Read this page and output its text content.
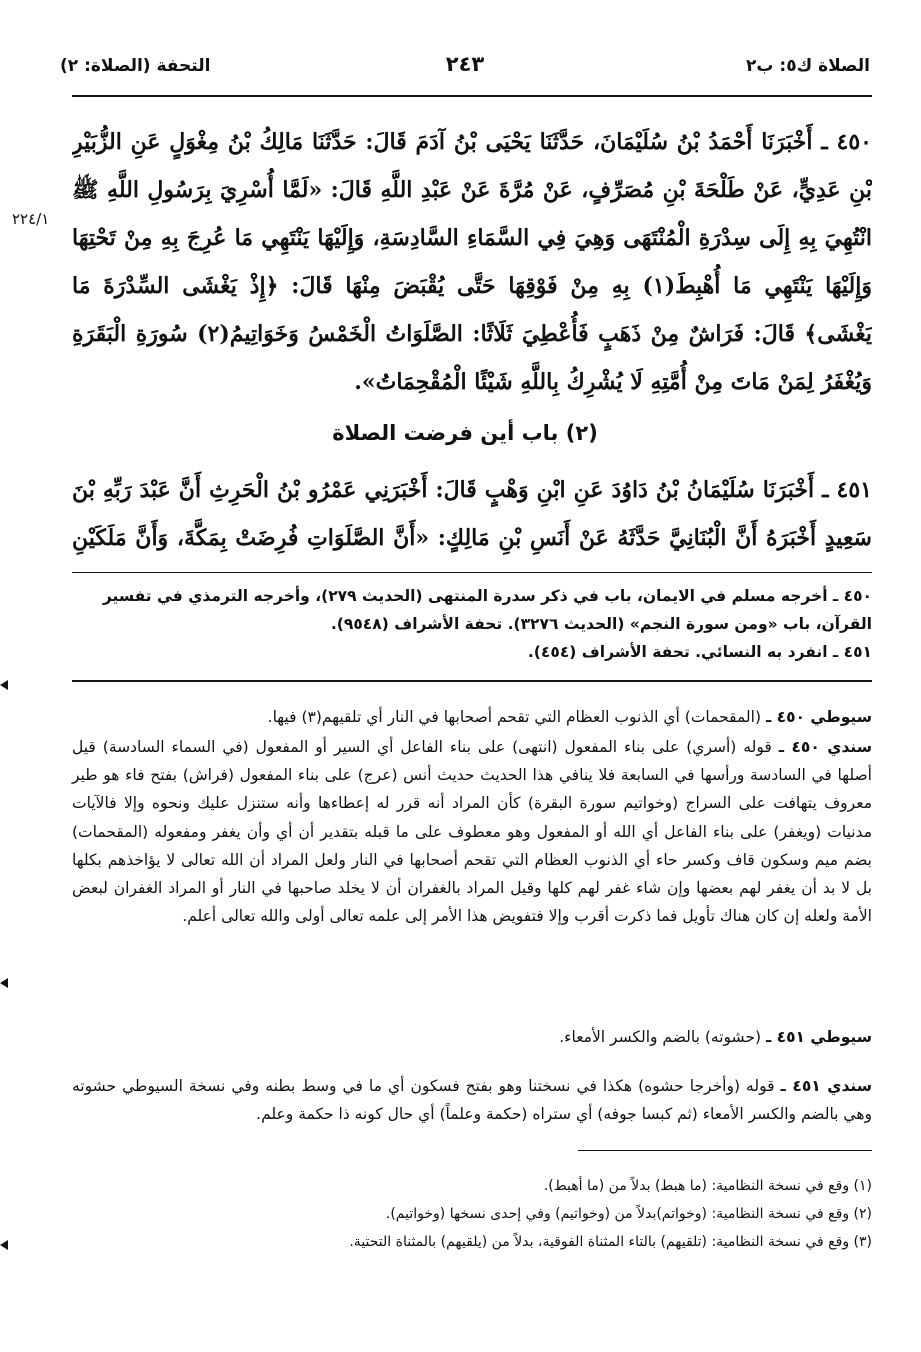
الصلاة ك٥: ب٢
٢٤٣
التحفة (الصلاة: ٢)
٢٢٤/١
٤٥٠ ـ أَخْبَرَنَا أَحْمَدُ بْنُ سُلَيْمَانَ، حَدَّثَنَا يَحْيَى بْنُ آدَمَ قَالَ: حَدَّثَنَا مَالِكُ بْنُ مِغْوَلٍ عَنِ الزُّبَيْرِ بْنِ عَدِيٍّ، عَنْ طَلْحَةَ بْنِ مُصَرِّفٍ، عَنْ مُرَّةَ عَنْ عَبْدِ اللَّهِ قَالَ: «لَمَّا أُسْرِيَ بِرَسُولِ اللَّهِ ﷺ انْتُهِيَ بِهِ إِلَى سِدْرَةِ الْمُنْتَهَى وَهِيَ فِي السَّمَاءِ السَّادِسَةِ، وَإِلَيْهَا يَنْتَهِي مَا عُرِجَ بِهِ مِنْ تَحْتِهَا وَإِلَيْهَا يَنْتَهِي مَا أُهْبِطَ(١) بِهِ مِنْ فَوْقِهَا حَتَّى يُقْبَضَ مِنْهَا قَالَ: ﴿إِذْ يَغْشَى السِّدْرَةَ مَا يَغْشَى﴾ قَالَ: فَرَاشٌ مِنْ ذَهَبٍ فَأُعْطِيَ ثَلَاثًا: الصَّلَوَاتُ الْخَمْسُ وَخَوَاتِيمُ(٢) سُورَةِ الْبَقَرَةِ وَيُغْفَرُ لِمَنْ مَاتَ مِنْ أُمَّتِهِ لَا يُشْرِكُ بِاللَّهِ شَيْئًا الْمُقْحِمَاتُ».
(٢) باب أين فرضت الصلاة
٤٥١ ـ أَخْبَرَنَا سُلَيْمَانُ بْنُ دَاوُدَ عَنِ ابْنِ وَهْبٍ قَالَ: أَخْبَرَنِي عَمْرُو بْنُ الْحَرِثِ أَنَّ عَبْدَ رَبِّهِ بْنَ سَعِيدٍ أَخْبَرَهُ أَنَّ الْبُنَانِيَّ حَدَّثَهُ عَنْ أَنَسِ بْنِ مَالِكٍ: «أَنَّ الصَّلَوَاتِ فُرِضَتْ بِمَكَّةَ، وَأَنَّ مَلَكَيْنِ
٤٥٠ ـ أخرجه مسلم في الايمان، باب في ذكر سدرة المنتهى (الحديث ٢٧٩)، وأخرجه الترمذي في تفسير القرآن، باب «ومن سورة النجم» (الحديث ٣٢٧٦). تحفة الأشراف (٩٥٤٨).
٤٥١ ـ انفرد به النسائي. تحفة الأشراف (٤٥٤).
سيوطي ٤٥٠ ـ (المقحمات) أي الذنوب العظام التي تقحم أصحابها في النار أي تلقيهم(٣) فيها.
سندي ٤٥٠ ـ قوله (أسري) على بناء المفعول (انتهى) على بناء الفاعل أي السير أو المفعول (في السماء السادسة) قيل أصلها في السادسة ورأسها في السابعة فلا ينافي هذا الحديث حديث أنس (عرج) على بناء المفعول (فراش) بفتح فاء هو طير معروف يتهافت على السراج (وخواتيم سورة البقرة) كأن المراد أنه قرر له إعطاءها وأنه ستنزل عليك ونحوه وإلا فالآيات مدنيات (ويغفر) على بناء الفاعل أي الله أو المفعول وهو معطوف على ما قبله بتقدير أن أي وأن يغفر ومفعوله (المقحمات) بضم ميم وسكون قاف وكسر حاء أي الذنوب العظام التي تقحم أصحابها في النار ولعل المراد أن الله تعالى لا يؤاخذهم بكلها بل لا بد أن يغفر لهم بعضها وإن شاء غفر لهم كلها وقيل المراد بالغفران أن لا يخلد صاحبها في النار أو المراد الغفران لبعض الأمة ولعله إن كان هناك تأويل فما ذكرت أقرب وإلا فتفويض هذا الأمر إلى علمه تعالى أولى والله تعالى أعلم.
سيوطي ٤٥١ ـ (حشوته) بالضم والكسر الأمعاء.
سندي ٤٥١ ـ قوله (وأخرجا حشوه) هكذا في نسختنا وهو بفتح فسكون أي ما في وسط بطنه وفي نسخة السيوطي حشوته وهي بالضم والكسر الأمعاء (ثم كبسا جوفه) أي ستراه (حكمة وعلماً) أي حال كونه ذا حكمة وعلم.
(١) وقع في نسخة النظامية: (ما هبط) بدلاً من (ما أهبط).
(٢) وقع في نسخة النظامية: (وخواتم)بدلاً من (وخواتيم) وفي إحدى نسخها (وخواتيم).
(٣) وقع في نسخة النظامية: (تلقيهم) بالتاء المثناة الفوقية، بدلاً من (يلقيهم) بالمثناة التحتية.
